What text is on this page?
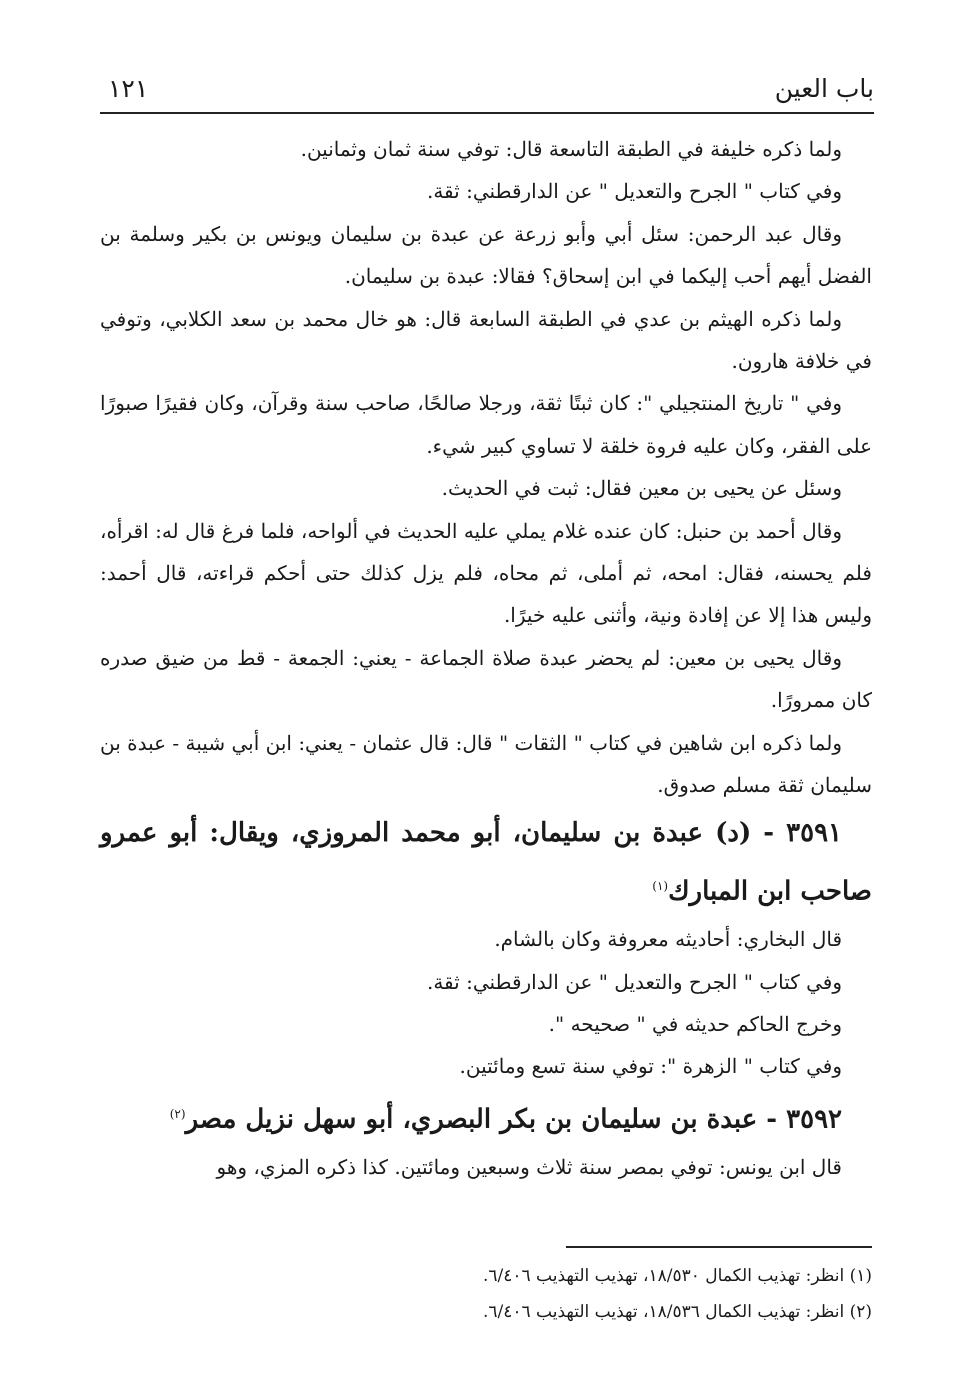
باب العين
١٢١

ولما ذكره خليفة في الطبقة التاسعة قال: توفي سنة ثمان وثمانين.

وفي كتاب " الجرح والتعديل " عن الدارقطني: ثقة.

وقال عبد الرحمن: سئل أبي وأبو زرعة عن عبدة بن سليمان ويونس بن بكير وسلمة بن الفضل أيهم أحب إليكما في ابن إسحاق؟ فقالا: عبدة بن سليمان.

ولما ذكره الهيثم بن عدي في الطبقة السابعة قال: هو خال محمد بن سعد الكلابي، وتوفي في خلافة هارون.

وفي " تاريخ المنتجيلي ": كان ثبتًا ثقة، ورجلا صالحًا، صاحب سنة وقرآن، وكان فقيرًا صبورًا على الفقر، وكان عليه فروة خلقة لا تساوي كبير شيء.

وسئل عن يحيى بن معين فقال: ثبت في الحديث.

وقال أحمد بن حنبل: كان عنده غلام يملي عليه الحديث في ألواحه، فلما فرغ قال له: اقرأه، فلم يحسنه، فقال: امحه، ثم أملى، ثم محاه، فلم يزل كذلك حتى أحكم قراءته، قال أحمد: وليس هذا إلا عن إفادة ونية، وأثنى عليه خيرًا.

وقال يحيى بن معين: لم يحضر عبدة صلاة الجماعة - يعني: الجمعة - قط من ضيق صدره كان ممرورًا.

ولما ذكره ابن شاهين في كتاب " الثقات " قال: قال عثمان - يعني: ابن أبي شيبة - عبدة بن سليمان ثقة مسلم صدوق.

٣٥٩١ - (د) عبدة بن سليمان، أبو محمد المروزي، ويقال: أبو عمرو صاحب ابن المبارك$^{(١)}$

قال البخاري: أحاديثه معروفة وكان بالشام.

وفي كتاب " الجرح والتعديل " عن الدارقطني: ثقة.

وخرج الحاكم حديثه في " صحيحه ".

وفي كتاب " الزهرة ": توفي سنة تسع ومائتين.

٣٥٩٢ - عبدة بن سليمان بن بكر البصري، أبو سهل نزيل مصر$^{(٢)}$

قال ابن يونس: توفي بمصر سنة ثلاث وسبعين ومائتين. كذا ذكره المزي، وهو

(١) انظر: تهذيب الكمال ١٨/٥٣٠، تهذيب التهذيب ٦/٤٠٦.

(٢) انظر: تهذيب الكمال ١٨/٥٣٦، تهذيب التهذيب ٦/٤٠٦.
